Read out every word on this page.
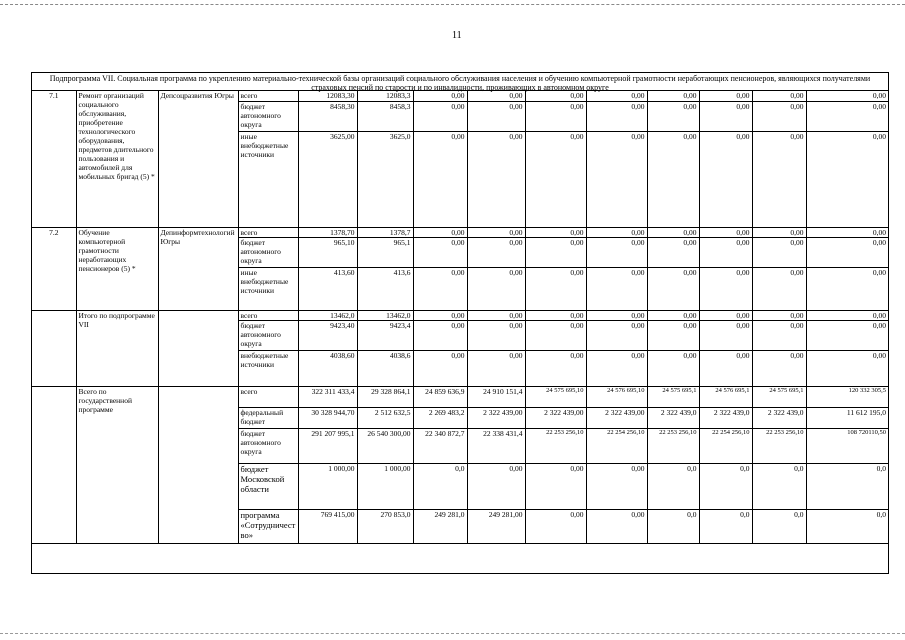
11
Подпрограмма VII. Социальная программа по укреплению материально-технической базы организаций социального обслуживания населения и обучению компьютерной грамотности неработающих пенсионеров, являющихся получателями страховых пенсий по старости и по инвалидности, проживающих в автономном округе
7.1	Ремонт организаций социального обслуживания, приобретение технологического оборудования, предметов длительного пользования и автомобилей для мобильных бригад (5) *	Депсоцразвития Югры	всего	12083,30	12083,3	0,00	0,00	0,00	0,00	0,00	0,00	0,00	0,00
			бюджет автономного округа	8458,30	8458,3	0,00	0,00	0,00	0,00	0,00	0,00	0,00	0,00
			иные внебюджетные источники	3625,00	3625,0	0,00	0,00	0,00	0,00	0,00	0,00	0,00	0,00
7.2	Обучение компьютерной грамотности неработающих пенсионеров (5) *	Депинформтехнологий Югры	всего	1378,70	1378,7	0,00	0,00	0,00	0,00	0,00	0,00	0,00	0,00
			бюджет автономного округа	965,10	965,1	0,00	0,00	0,00	0,00	0,00	0,00	0,00	0,00
			иные внебюджетные источники	413,60	413,6	0,00	0,00	0,00	0,00	0,00	0,00	0,00	0,00
	Итого по подпрограмме VII		всего	13462,0	13462,0	0,00	0,00	0,00	0,00	0,00	0,00	0,00	0,00
			бюджет автономного округа	9423,40	9423,4	0,00	0,00	0,00	0,00	0,00	0,00	0,00	0,00
			внебюджетные источники	4038,60	4038,6	0,00	0,00	0,00	0,00	0,00	0,00	0,00	0,00
	Всего по государственной программе		всего	322 311 433,4	29 328 864,1	24 859 636,9	24 910 151,4	24 575 695,10	24 576 695,10	24 575 695,1	24 576 695,1	24 575 695,1	120 332 305,5
			федеральный бюджет	30 328 944,70	2 512 632,5	2 269 483,2	2 322 439,00	2 322 439,00	2 322 439,00	2 322 439,0	2 322 439,0	2 322 439,0	11 612 195,0
			бюджет автономного округа	291 207 995,1	26 540 300,00	22 340 872,7	22 338 431,4	22 253 256,10	22 254 256,10	22 253 256,10	22 254 256,10	22 253 256,10	108 720110,50
			бюджет Московской области	1 000,00	1 000,00	0,0	0,00	0,00	0,00	0,0	0,0	0,0	0,0
			программа «Сотрудничество»	769 415,00	270 853,0	249 281,0	249 281,00	0,00	0,00	0,0	0,0	0,0	0,0
